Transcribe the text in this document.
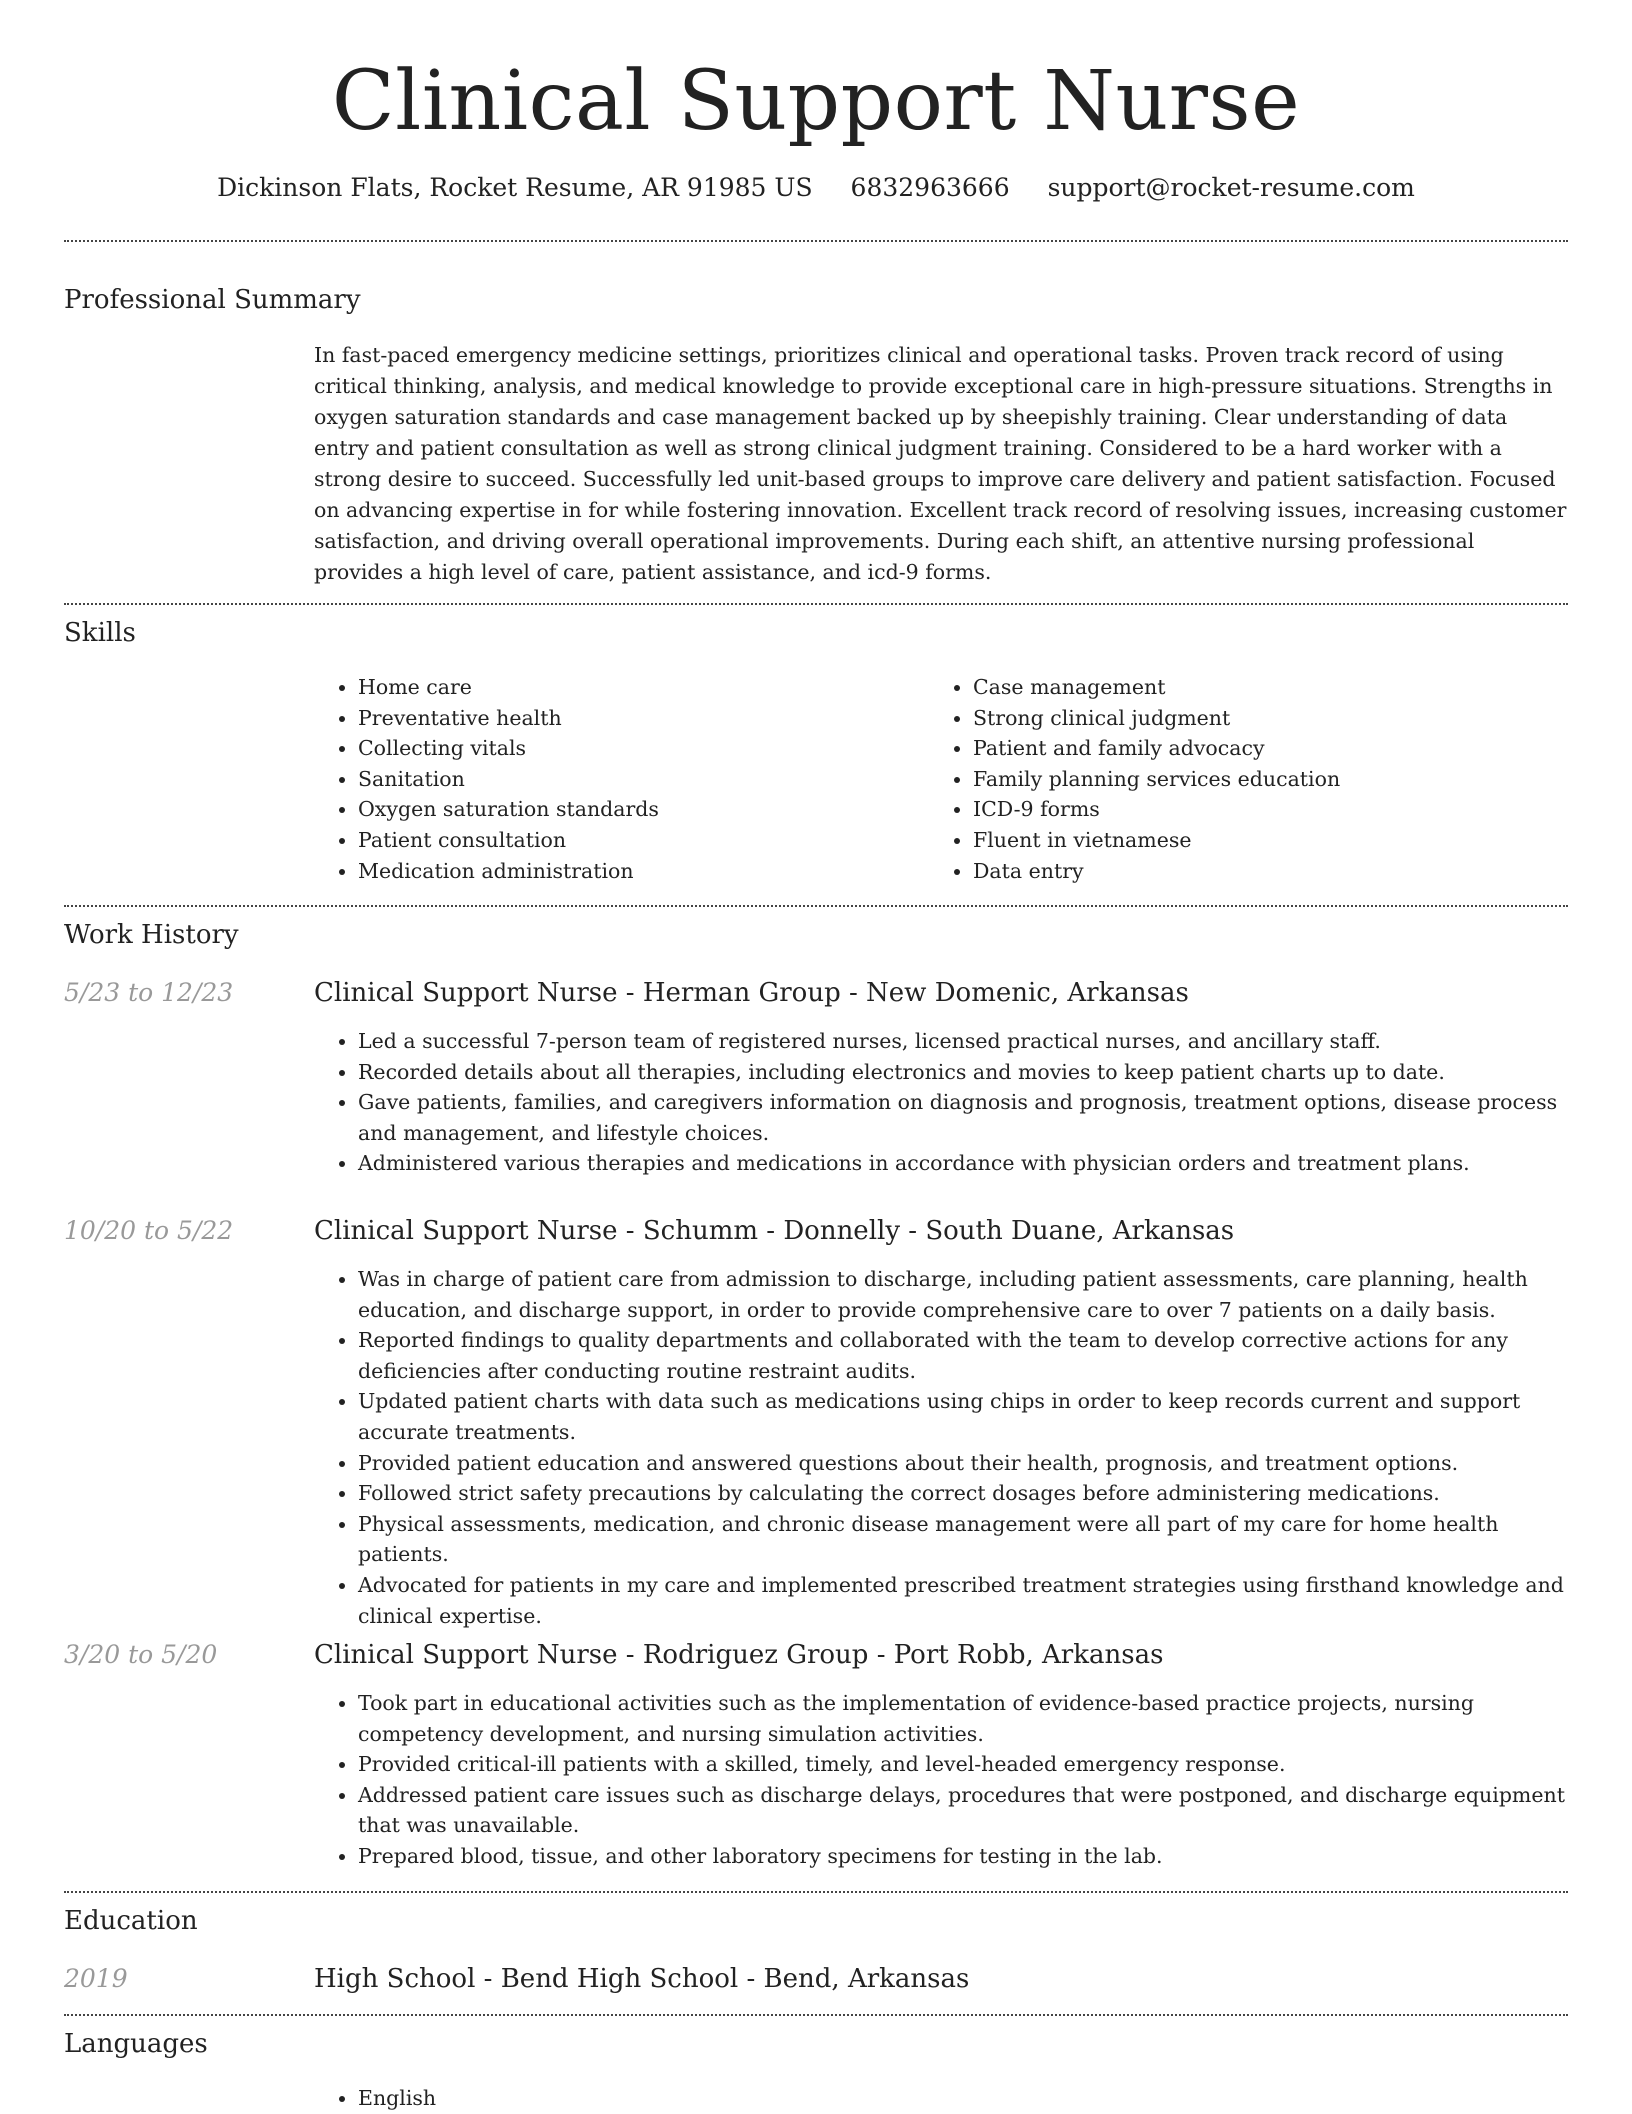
Clinical Support Nurse
Dickinson Flats, Rocket Resume, AR 91985 US 6832963666 support@rocket-resume.com
Professional Summary
In fast-paced emergency medicine settings, prioritizes clinical and operational tasks. Proven track record of using critical thinking, analysis, and medical knowledge to provide exceptional care in high-pressure situations. Strengths in oxygen saturation standards and case management backed up by sheepishly training. Clear understanding of data entry and patient consultation as well as strong clinical judgment training. Considered to be a hard worker with a strong desire to succeed. Successfully led unit-based groups to improve care delivery and patient satisfaction. Focused on advancing expertise in for while fostering innovation. Excellent track record of resolving issues, increasing customer satisfaction, and driving overall operational improvements. During each shift, an attentive nursing professional provides a high level of care, patient assistance, and icd-9 forms.
Skills
• Home care
• Preventative health
• Collecting vitals
• Sanitation
• Oxygen saturation standards
• Patient consultation
• Medication administration
• Case management
• Strong clinical judgment
• Patient and family advocacy
• Family planning services education
• ICD-9 forms
• Fluent in vietnamese
• Data entry
Work History
5/23 to 12/23	Clinical Support Nurse - Herman Group - New Domenic, Arkansas
• Led a successful 7-person team of registered nurses, licensed practical nurses, and ancillary staff.
• Recorded details about all therapies, including electronics and movies to keep patient charts up to date.
• Gave patients, families, and caregivers information on diagnosis and prognosis, treatment options, disease process and management, and lifestyle choices.
• Administered various therapies and medications in accordance with physician orders and treatment plans.
10/20 to 5/22	Clinical Support Nurse - Schumm - Donnelly - South Duane, Arkansas
• Was in charge of patient care from admission to discharge, including patient assessments, care planning, health education, and discharge support, in order to provide comprehensive care to over 7 patients on a daily basis.
• Reported findings to quality departments and collaborated with the team to develop corrective actions for any deficiencies after conducting routine restraint audits.
• Updated patient charts with data such as medications using chips in order to keep records current and support accurate treatments.
• Provided patient education and answered questions about their health, prognosis, and treatment options.
• Followed strict safety precautions by calculating the correct dosages before administering medications.
• Physical assessments, medication, and chronic disease management were all part of my care for home health patients.
• Advocated for patients in my care and implemented prescribed treatment strategies using firsthand knowledge and clinical expertise.
3/20 to 5/20	Clinical Support Nurse - Rodriguez Group - Port Robb, Arkansas
• Took part in educational activities such as the implementation of evidence-based practice projects, nursing competency development, and nursing simulation activities.
• Provided critical-ill patients with a skilled, timely, and level-headed emergency response.
• Addressed patient care issues such as discharge delays, procedures that were postponed, and discharge equipment that was unavailable.
• Prepared blood, tissue, and other laboratory specimens for testing in the lab.
Education
2019	High School - Bend High School - Bend, Arkansas
Languages
• English
